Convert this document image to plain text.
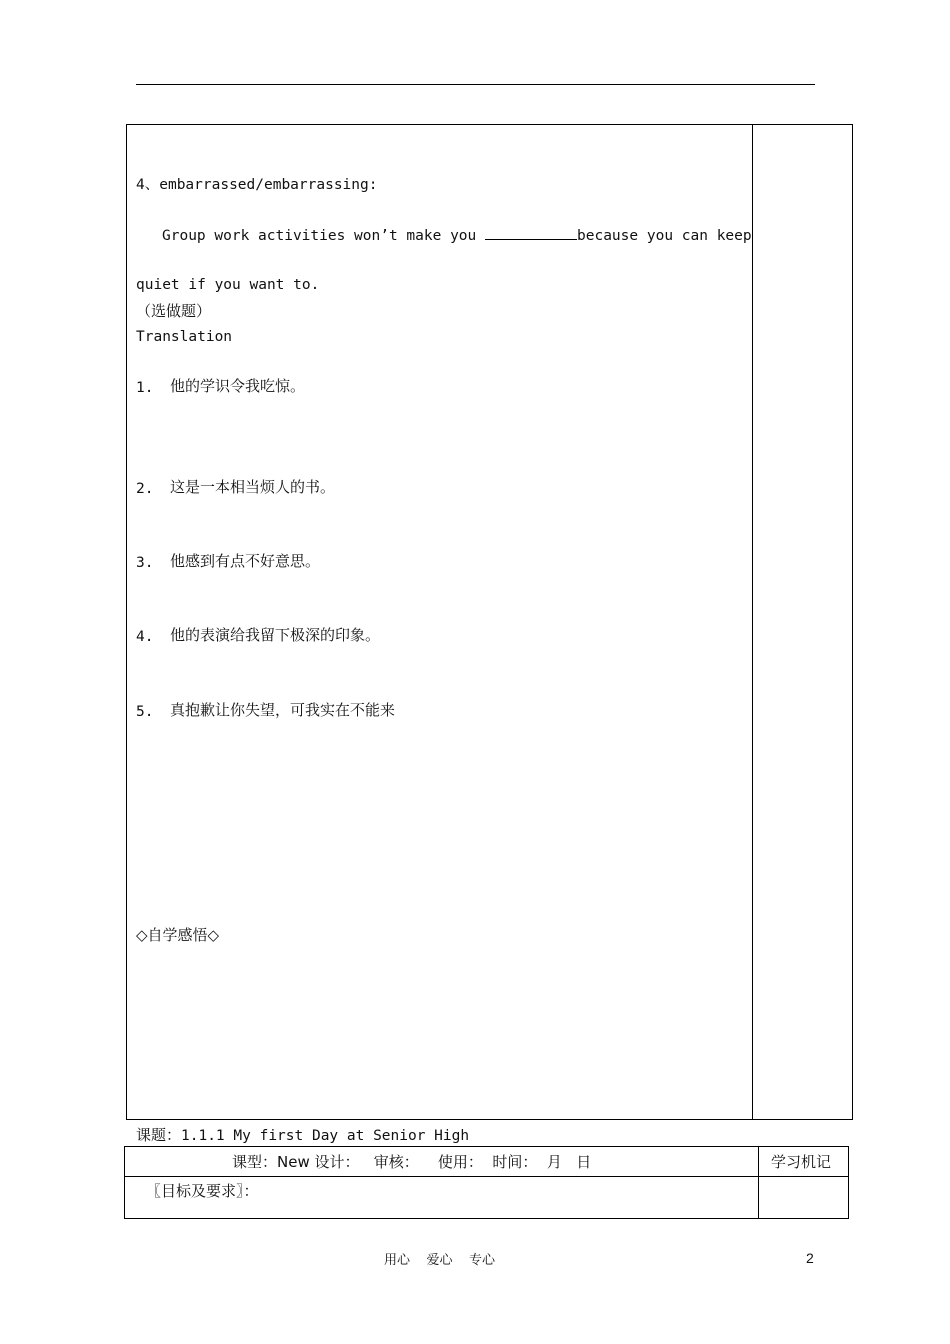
4、embarrassed/embarrassing:
Group work activities won’t make you	because you can keep
quiet if you want to.
（选做题）
Translation
1. 他的学识令我吃惊。
2. 这是一本相当烦人的书。
3. 他感到有点不好意思。
4. 他的表演给我留下极深的印象。
5. 真抱歉让你失望，可我实在不能来
◇自学感悟◇
课题：1.1.1 My first Day at Senior High
课型：New 设计：   审核：    使用：  时间：  月   日	学习机记
〖目标及要求〗：
用心    爱心    专心	2
